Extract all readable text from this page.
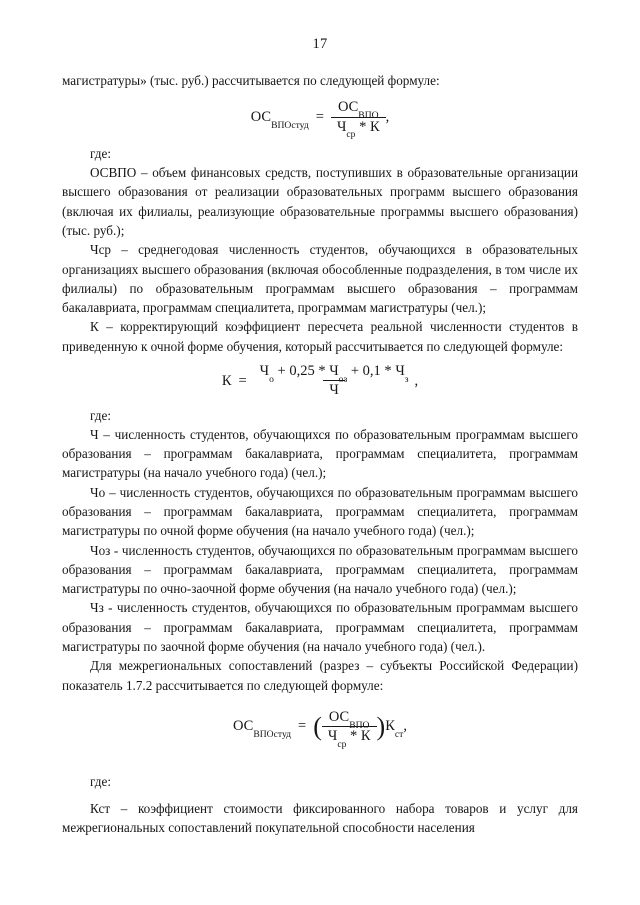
17

магистратуры» (тыс. руб.) рассчитывается по следующей формуле:

$ОС_{ВПОстуд}$
= $\frac{ОС_{ВПО}}{Ч_{ср} * К}$ ,

где:

ОСВПО – объем финансовых средств, поступивших в образовательные организации высшего образования от реализации образовательных программ высшего образования (включая их филиалы, реализующие образовательные программы высшего образования) (тыс. руб.);

Чср – среднегодовая численность студентов, обучающихся в образовательных организациях высшего образования (включая обособленные подразделения, в том числе их филиалы) по образовательным программам высшего образования – программам бакалавриата, программам специалитета, программам магистратуры (чел.);

К – корректирующий коэффициент пересчета реальной численности студентов в приведенную к очной форме обучения, который рассчитывается по следующей формуле:

$К = \frac{Ч_о + 0,25 * Ч_{оз} + 0,1 * Ч_з}{Ч}$ ,

где:

Ч – численность студентов, обучающихся по образовательным программам высшего образования – программам бакалавриата, программам специалитета, программам магистратуры (на начало учебного года) (чел.);

Чо – численность студентов, обучающихся по образовательным программам высшего образования – программам бакалавриата, программам специалитета, программам магистратуры по очной форме обучения (на начало учебного года) (чел.);

Чоз - численность студентов, обучающихся по образовательным программам высшего образования – программам бакалавриата, программам специалитета, программам магистратуры по очно-заочной форме обучения (на начало учебного года) (чел.);

Чз - численность студентов, обучающихся по образовательным программам высшего образования – программам бакалавриата, программам специалитета, программам магистратуры по заочной форме обучения (на начало учебного года) (чел.).

Для межрегиональных сопоставлений (разрез – субъекты Российской Федерации) показатель 1.7.2 рассчитывается по следующей формуле:

$ОС_{ВПОстуд}$
= ( $\frac{ОС_{ВПО}}{Ч_{ср} * К}$ ) $К_{ст}$
,

где:

Кст – коэффициент стоимости фиксированного набора товаров и услуг для межрегиональных сопоставлений покупательной способности населения
